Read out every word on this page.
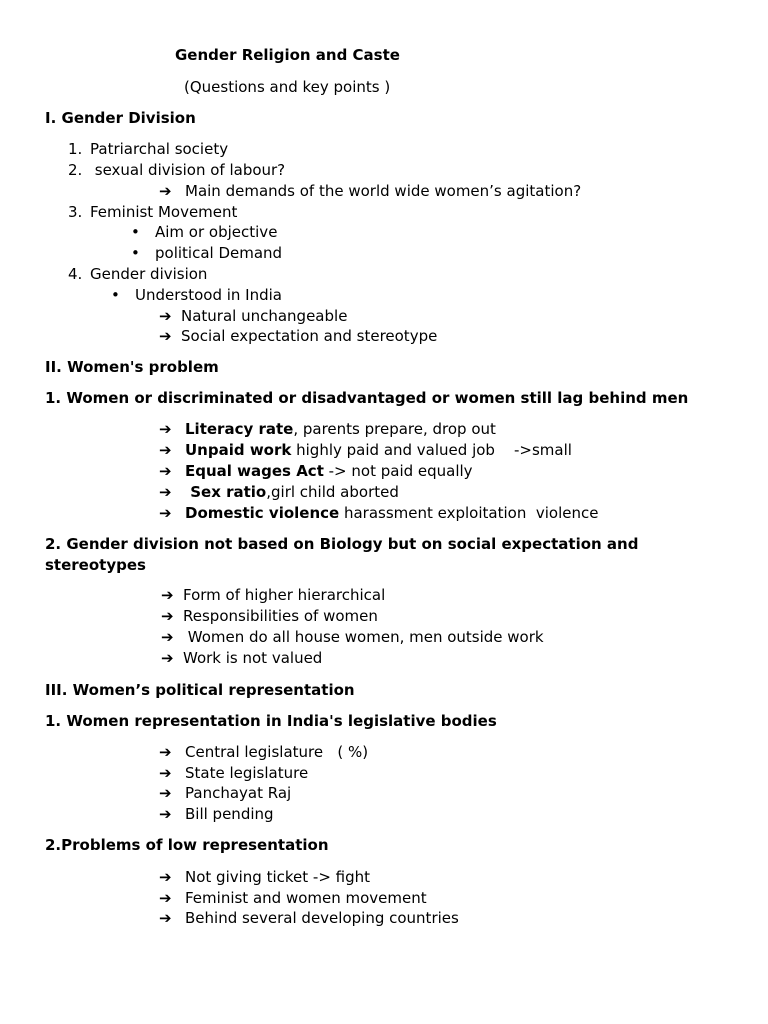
Gender Religion and Caste
(Questions and key points )
I. Gender Division
1. Patriarchal society
2. sexual division of labour?
➔ Main demands of the world wide women’s agitation?
3. Feminist Movement
• Aim or objective
• political Demand
4. Gender division
• Understood in India
➔ Natural unchangeable
➔ Social expectation and stereotype
II. Women's problem
1. Women or discriminated or disadvantaged or women still lag behind men
➔ Literacy rate, parents prepare, drop out
➔ Unpaid work highly paid and valued job    ->small
➔ Equal wages Act -> not paid equally
➔ Sex ratio,girl child aborted
➔ Domestic violence harassment exploitation  violence
2. Gender division not based on Biology but on social expectation and
stereotypes
➔ Form of higher hierarchical
➔ Responsibilities of women
➔ Women do all house women, men outside work
➔ Work is not valued
III. Women’s political representation
1. Women representation in India's legislative bodies
➔ Central legislature   ( %)
➔ State legislature
➔ Panchayat Raj
➔ Bill pending
2.Problems of low representation
➔ Not giving ticket -> fight
➔ Feminist and women movement
➔ Behind several developing countries
